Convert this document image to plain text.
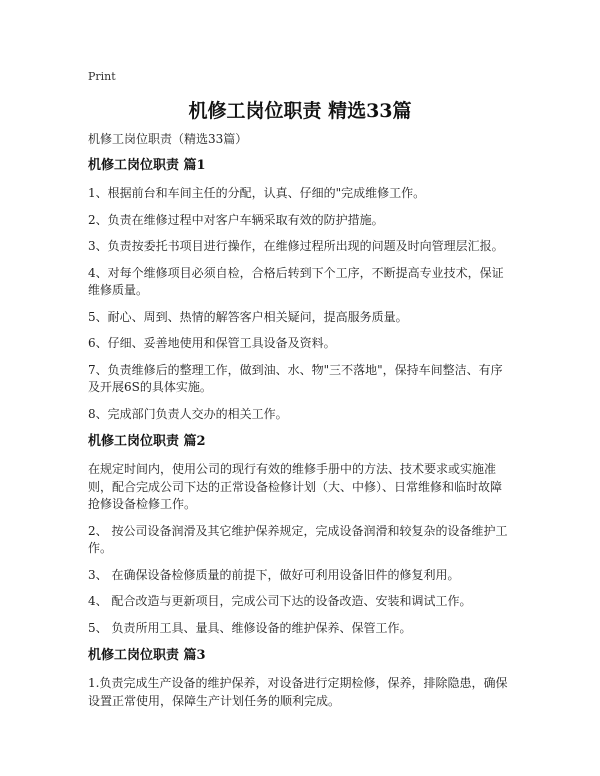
Print
机修工岗位职责 精选33篇
机修工岗位职责（精选33篇）
机修工岗位职责 篇1

1、根据前台和车间主任的分配，认真、仔细的"完成维修工作。

2、负责在维修过程中对客户车辆采取有效的防护措施。

3、负责按委托书项目进行操作，在维修过程所出现的问题及时向管理层汇报。

4、对每个维修项目必须自检，合格后转到下个工序，不断提高专业技术，保证维修质量。

5、耐心、周到、热情的解答客户相关疑问，提高服务质量。

6、仔细、妥善地使用和保管工具设备及资料。

7、负责维修后的整理工作，做到油、水、物"三不落地"，保持车间整洁、有序及开展6S的具体实施。

8、完成部门负责人交办的相关工作。

机修工岗位职责 篇2

在规定时间内，使用公司的现行有效的维修手册中的方法、技术要求或实施准则，配合完成公司下达的正常设备检修计划（大、中修）、日常维修和临时故障抢修设备检修工作。

2、 按公司设备润滑及其它维护保养规定，完成设备润滑和较复杂的设备维护工作。

3、 在确保设备检修质量的前提下，做好可利用设备旧件的修复利用。

4、 配合改造与更新项目，完成公司下达的设备改造、安装和调试工作。

5、 负责所用工具、量具、维修设备的维护保养、保管工作。

机修工岗位职责 篇3

1.负责完成生产设备的维护保养，对设备进行定期检修，保养，排除隐患，确保设置正常使用，保障生产计划任务的顺利完成。
